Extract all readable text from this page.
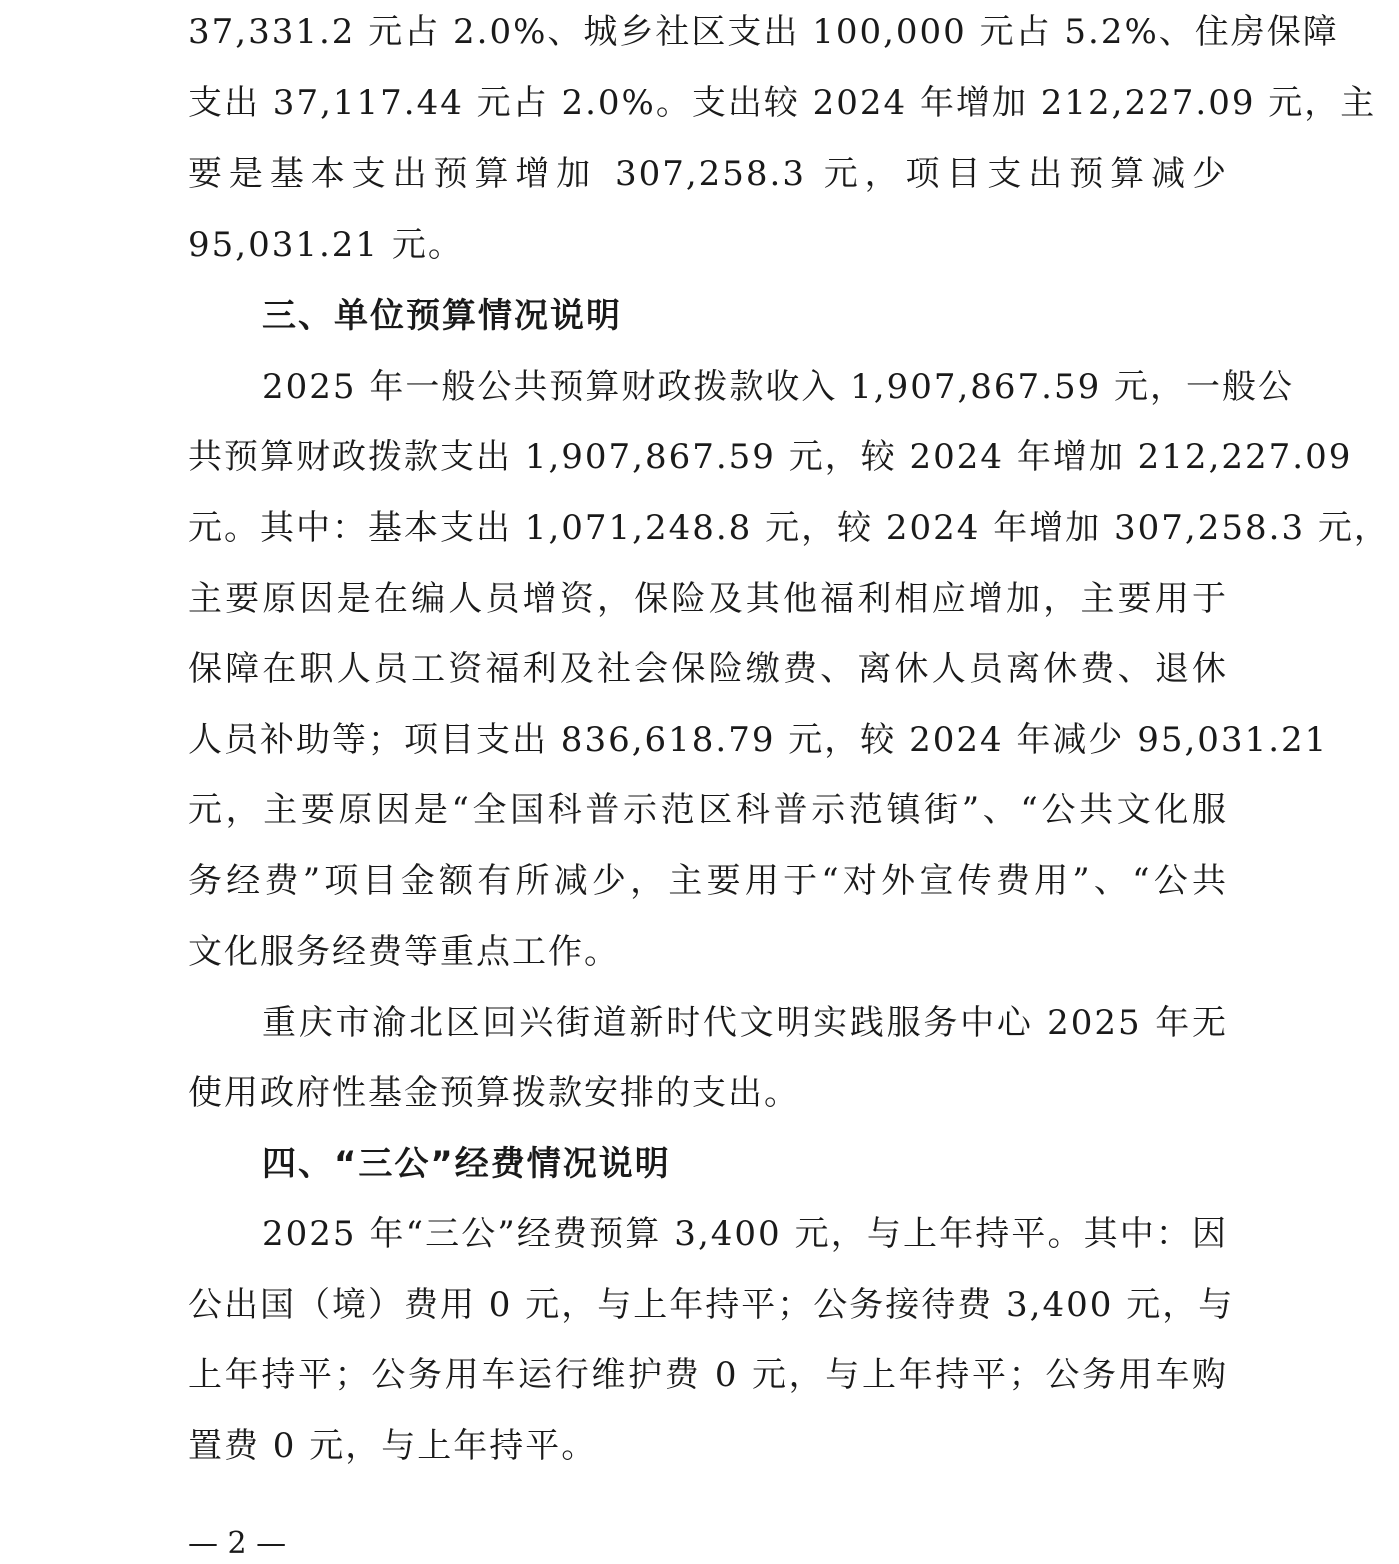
37,331.2 元占 2.0%、城乡社区支出 100,000 元占 5.2%、住房保障
支出 37,117.44 元占 2.0%。支出较 2024 年增加 212,227.09 元，主
要是基本支出预算增加 307,258.3 元，项目支出预算减少
95,031.21 元。
三、单位预算情况说明
2025 年一般公共预算财政拨款收入 1,907,867.59 元，一般公
共预算财政拨款支出 1,907,867.59 元，较 2024 年增加 212,227.09
元。其中：基本支出 1,071,248.8 元，较 2024 年增加 307,258.3 元，
主要原因是在编人员增资，保险及其他福利相应增加，主要用于
保障在职人员工资福利及社会保险缴费、离休人员离休费、退休
人员补助等；项目支出 836,618.79 元，较 2024 年减少 95,031.21
元，主要原因是“全国科普示范区科普示范镇街”、“公共文化服
务经费”项目金额有所减少，主要用于“对外宣传费用”、“公共
文化服务经费等重点工作。
重庆市渝北区回兴街道新时代文明实践服务中心 2025 年无
使用政府性基金预算拨款安排的支出。
四、“三公”经费情况说明
2025 年“三公”经费预算 3,400 元，与上年持平。其中：因
公出国（境）费用 0 元，与上年持平；公务接待费 3,400 元，与
上年持平；公务用车运行维护费 0 元，与上年持平；公务用车购
置费 0 元，与上年持平。
— 2 —
